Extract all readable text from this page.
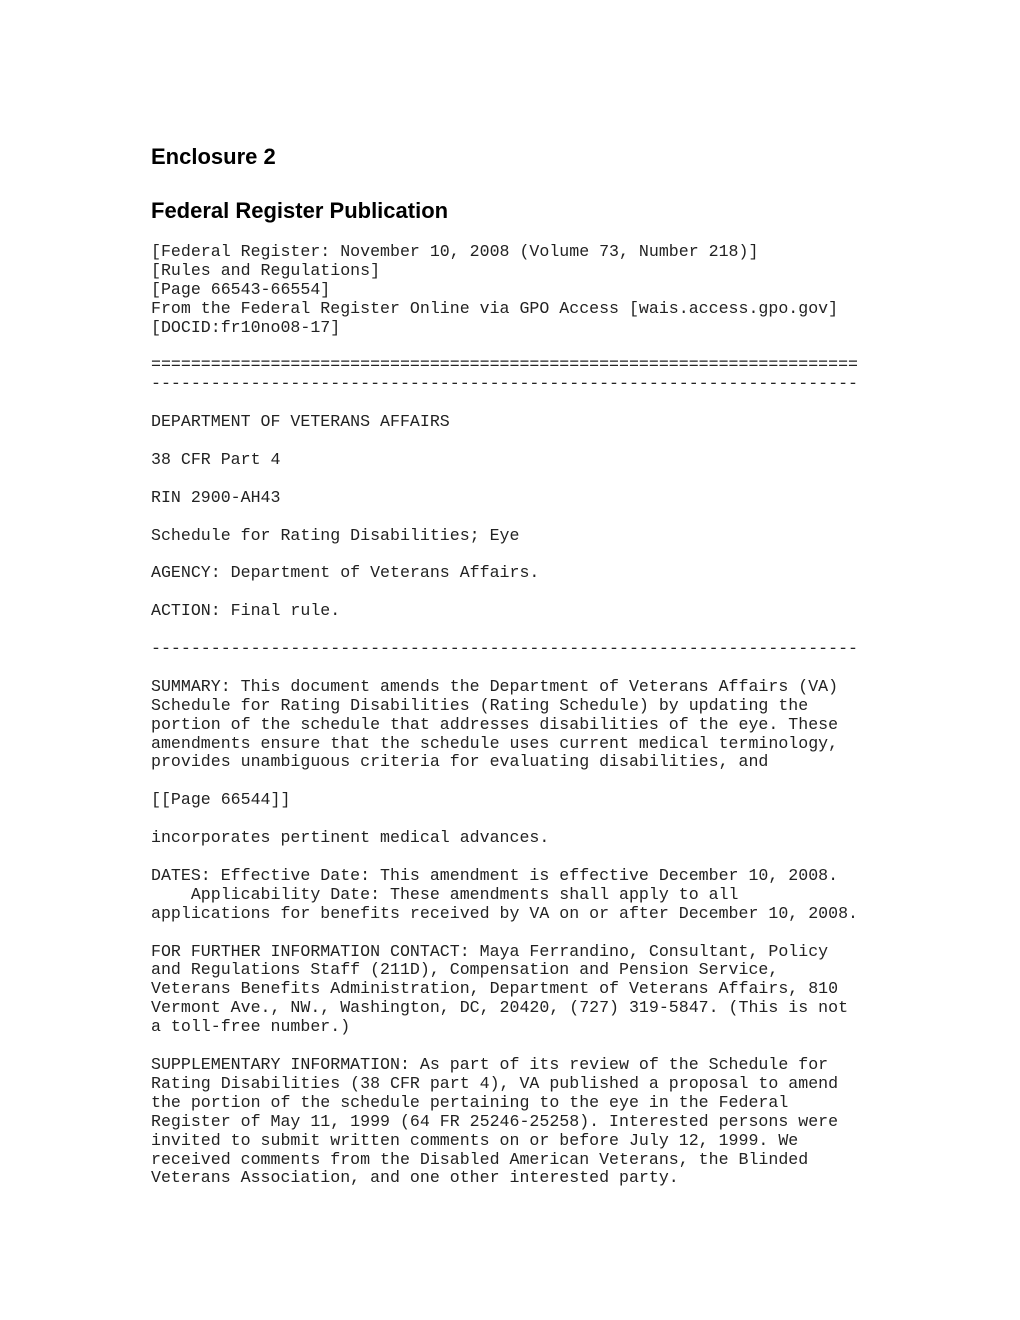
Enclosure 2
Federal Register Publication
[Federal Register: November 10, 2008 (Volume 73, Number 218)]
[Rules and Regulations]
[Page 66543-66554]
From the Federal Register Online via GPO Access [wais.access.gpo.gov]
[DOCID:fr10no08-17]
=======================================================================
-----------------------------------------------------------------------
DEPARTMENT OF VETERANS AFFAIRS
38 CFR Part 4
RIN 2900-AH43
Schedule for Rating Disabilities; Eye
AGENCY: Department of Veterans Affairs.
ACTION: Final rule.
-----------------------------------------------------------------------
SUMMARY: This document amends the Department of Veterans Affairs (VA)
Schedule for Rating Disabilities (Rating Schedule) by updating the
portion of the schedule that addresses disabilities of the eye. These
amendments ensure that the schedule uses current medical terminology,
provides unambiguous criteria for evaluating disabilities, and
[[Page 66544]]
incorporates pertinent medical advances.
DATES: Effective Date: This amendment is effective December 10, 2008.
Applicability Date: These amendments shall apply to all
applications for benefits received by VA on or after December 10, 2008.
FOR FURTHER INFORMATION CONTACT: Maya Ferrandino, Consultant, Policy
and Regulations Staff (211D), Compensation and Pension Service,
Veterans Benefits Administration, Department of Veterans Affairs, 810
Vermont Ave., NW., Washington, DC, 20420, (727) 319-5847. (This is not
a toll-free number.)
SUPPLEMENTARY INFORMATION: As part of its review of the Schedule for
Rating Disabilities (38 CFR part 4), VA published a proposal to amend
the portion of the schedule pertaining to the eye in the Federal
Register of May 11, 1999 (64 FR 25246-25258). Interested persons were
invited to submit written comments on or before July 12, 1999. We
received comments from the Disabled American Veterans, the Blinded
Veterans Association, and one other interested party.
